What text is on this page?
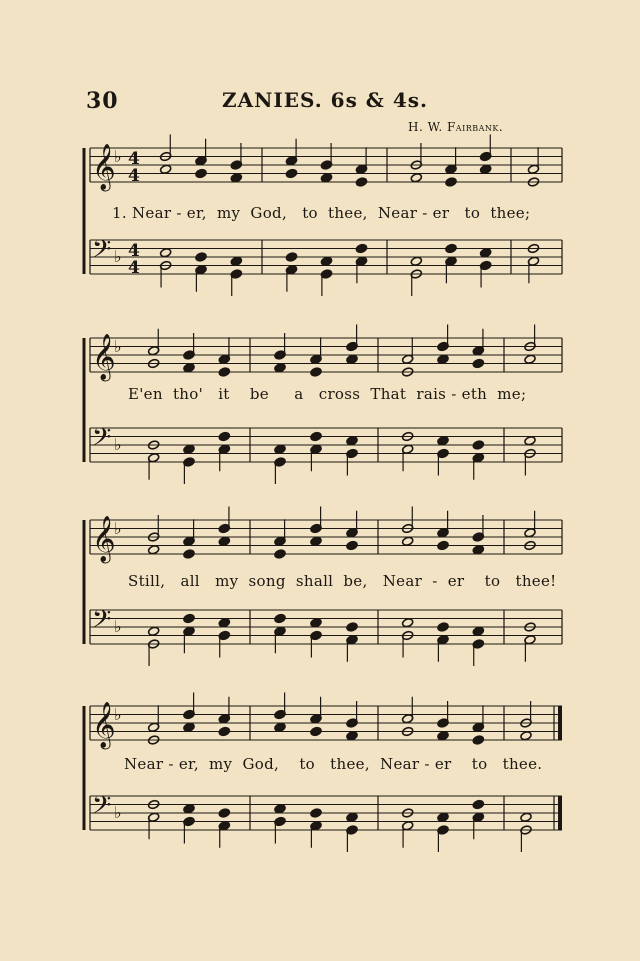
30	ZANIES. 6s & 4s.
H. W. Fairbank.
𝄞
♭ 4
4
𝄢 ♭ 4
4
𝄞
♭
𝄢 ♭
𝄞
♭
𝄢 ♭
𝄞
♭
𝄢 ♭
1. Near - er,  my  God,   to  thee,  Near - er   to  thee;
E'en  tho'   it    be     a   cross  That  rais - eth  me;
Still,   all   my  song  shall  be,   Near  -  er    to   thee!
Near - er,  my  God,    to   thee,  Near - er    to   thee.
